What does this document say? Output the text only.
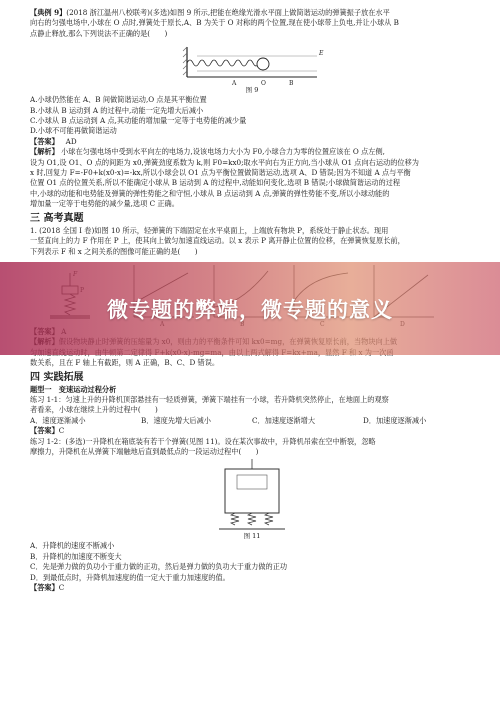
【典例 9】(2018 浙江温州八校联考)(多选)如图 9 所示,把能在绝缘光滑水平面上做简谐运动的弹簧振子放在水平

向右的匀强电场中,小球在 O 点时,弹簧处于原长,A、B 为关于 O 对称的两个位置,现在使小球带上负电,并让小球从 B

点静止释放,那么下列说法不正确的是(　　)

E
A	O	B
图 9

A.小球仍然能在 A、B 间做简谐运动,O 点是其平衡位置

B.小球从 B 运动到 A 的过程中,动能一定先增大后减小

C.小球从 B 点运动到 A 点,其动能的增加量一定等于电势能的减少量

D.小球不可能再做简谐运动

【答案】 AD

【解析】 小球在匀强电场中受到水平向左的电场力,设该电场力大小为 F0,小球合力为零的位置应该在 O 点左侧,

设为 O1,设 O1、O 点的间距为 x0,弹簧劲度系数为 k,则 F0=kx0;取水平向右为正方向,当小球从 O1 点向右运动的位移为

x 时,回复力 F=-F0+k(x0-x)=-kx,所以小球会以 O1 点为平衡位置做简谐运动,选项 A、D 错误;因为不知道 A 点与平衡

位置 O1 点的位置关系,所以不能确定小球从 B 运动到 A 的过程中,动能如何变化,选项 B 错误;小球做简谐运动的过程

中,小球的动能和电势能及弹簧的弹性势能之和守恒,小球从 B 点运动到 A 点,弹簧的弹性势能不变,所以小球动能的

增加量一定等于电势能的减少量,选项 C 正确。

三 高考真题

1. (2018 全国 I 卷)如图 10 所示，轻弹簧的下端固定在水平桌面上，上端放有物块 P，系统处于静止状态。现用

一竖直向上的力 F 作用在 P 上，使其向上做匀加速直线运动。以 x 表示 P 离开静止位置的位移，在弹簧恢复原长前，

下列表示 F 和 x 之间关系的图像可能正确的是(　　)

数关系，且在 F 轴上有截距，则 A 正确，B、C、D 错误。

四 实践拓展

题型一　变速运动过程分析

练习 1-1：匀速上升的升降机顶部悬挂有一轻质弹簧，弹簧下端挂有一小球，若升降机突然停止，在地面上的观察

者看来，小球在继续上升的过程中(　　)

A．速度逐渐减小	B．速度先增大后减小	C．加速度逐渐增大	D．加速度逐渐减小

【答案】C

练习 1-2：(多选)一升降机在箱底装有若干个弹簧(见图 11)。设在某次事故中，升降机吊索在空中断裂，忽略

摩擦力，升降机在从弹簧下端触地后直到最低点的一段运动过程中(　　)

图 11

A．升降机的速度不断减小

B．升降机的加速度不断变大

C．先是弹力做的负功小于重力做的正功，然后是弹力做的负功大于重力做的正功

D．到最低点时，升降机加速度的值一定大于重力加速度的值。

【答案】C

微专题的弊端，微专题的意义
